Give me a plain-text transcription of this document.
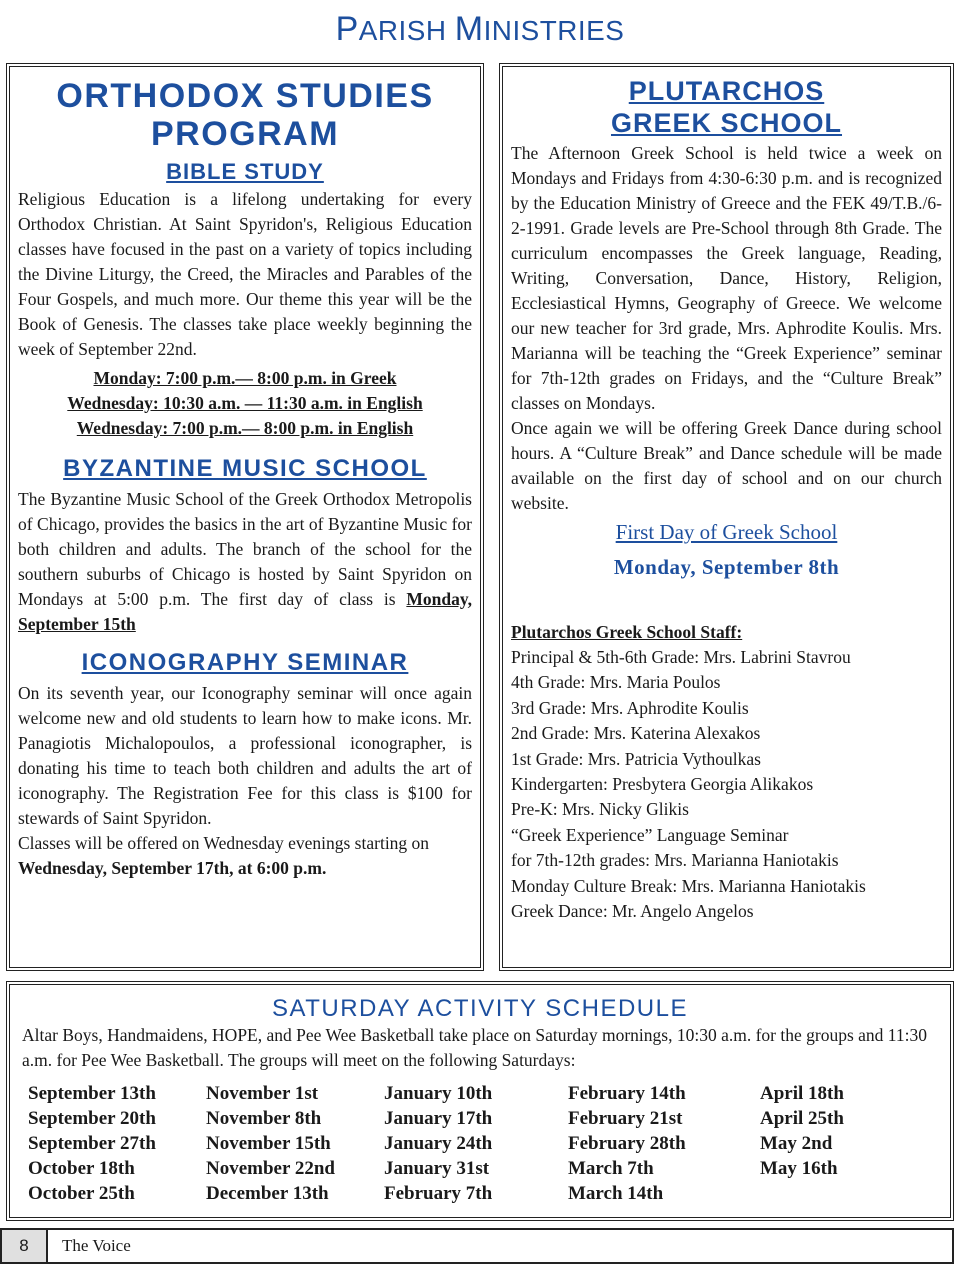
PARISH MINISTRIES
ORTHODOX STUDIES
PROGRAM
BIBLE STUDY
Religious Education is a lifelong undertaking for every Orthodox Christian. At Saint Spyridon's, Religious Education classes have focused in the past on a variety of topics including the Divine Liturgy, the Creed, the Miracles and Parables of the Four Gospels, and much more. Our theme this year will be the Book of Genesis. The classes take place weekly beginning the week of September 22nd.
Monday: 7:00 p.m.— 8:00 p.m. in Greek
Wednesday: 10:30 a.m. — 11:30 a.m. in English
Wednesday: 7:00 p.m.— 8:00 p.m. in English
BYZANTINE MUSIC SCHOOL
The Byzantine Music School of the Greek Orthodox Metropolis of Chicago, provides the basics in the art of Byzantine Music for both children and adults. The branch of the school for the southern suburbs of Chicago is hosted by Saint Spyridon on Mondays at 5:00 p.m. The first day of class is Monday, September 15th
ICONOGRAPHY SEMINAR
On its seventh year, our Iconography seminar will once again welcome new and old students to learn how to make icons. Mr. Panagiotis Michalopoulos, a professional iconographer, is donating his time to teach both children and adults the art of iconography. The Registration Fee for this class is $100 for stewards of Saint Spyridon.
Classes will be offered on Wednesday evenings starting on Wednesday, September 17th, at 6:00 p.m.
PLUTARCHOS
GREEK SCHOOL
The Afternoon Greek School is held twice a week on Mondays and Fridays from 4:30-6:30 p.m. and is recognized by the Education Ministry of Greece and the FEK 49/T.B./6-2-1991. Grade levels are Pre-School through 8th Grade. The curriculum encompasses the Greek language, Reading, Writing, Conversation, Dance, History, Religion, Ecclesiastical Hymns, Geography of Greece. We welcome our new teacher for 3rd grade, Mrs. Aphrodite Koulis. Mrs. Marianna will be teaching the “Greek Experience” seminar for 7th-12th grades on Fridays, and the “Culture Break” classes on Mondays.
Once again we will be offering Greek Dance during school hours. A “Culture Break” and Dance schedule will be made available on the first day of school and on our church website.
First Day of Greek School
Monday, September 8th
Plutarchos Greek School Staff:
Principal & 5th-6th Grade: Mrs. Labrini Stavrou
4th Grade: Mrs. Maria Poulos
3rd Grade: Mrs. Aphrodite Koulis
2nd Grade: Mrs. Katerina Alexakos
1st Grade: Mrs. Patricia Vythoulkas
Kindergarten: Presbytera Georgia Alikakos
Pre-K: Mrs. Nicky Glikis
“Greek Experience” Language Seminar
for 7th-12th grades: Mrs. Marianna Haniotakis
Monday Culture Break: Mrs. Marianna Haniotakis
Greek Dance: Mr. Angelo Angelos
SATURDAY ACTIVITY SCHEDULE
Altar Boys, Handmaidens, HOPE, and Pee Wee Basketball take place on Saturday mornings, 10:30 a.m. for the groups and 11:30 a.m. for Pee Wee Basketball. The groups will meet on the following Saturdays:
September 13th
September 20th
September 27th
October 18th
October 25th
November 1st
November 8th
November 15th
November 22nd
December 13th
January 10th
January 17th
January 24th
January 31st
February 7th
February 14th
February 21st
February 28th
March 7th
March 14th
April 18th
April 25th
May 2nd
May 16th
8	The Voice
